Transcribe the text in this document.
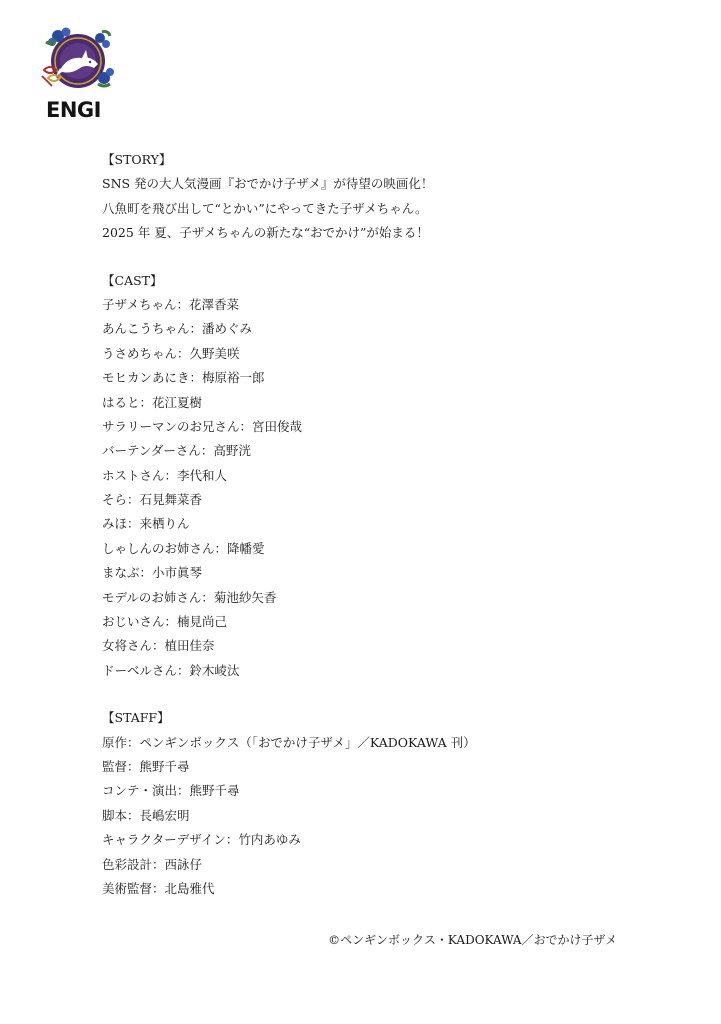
ENGI
【STORY】
SNS 発の大人気漫画『おでかけ子ザメ』が待望の映画化！
八魚町を飛び出して“とかい”にやってきた子ザメちゃん。
2025 年 夏、子ザメちゃんの新たな“おでかけ”が始まる！
【CAST】
子ザメちゃん：花澤香菜
あんこうちゃん：潘めぐみ
うさめちゃん：久野美咲
モヒカンあにき：梅原裕一郎
はると：花江夏樹
サラリーマンのお兄さん：宮田俊哉
バーテンダーさん：高野洸
ホストさん：李代和人
そら：石見舞菜香
みほ：来栖りん
しゃしんのお姉さん：降幡愛
まなぶ：小市眞琴
モデルのお姉さん：菊池紗矢香
おじいさん：楠見尚己
女将さん：植田佳奈
ドーベルさん：鈴木崚汰
【STAFF】
原作：ペンギンボックス（「おでかけ子ザメ」／KADOKAWA 刊）
監督：熊野千尋
コンテ・演出：熊野千尋
脚本：長嶋宏明
キャラクターデザイン：竹内あゆみ
色彩設計：西詠仔
美術監督：北島雅代
©ペンギンボックス・KADOKAWA／おでかけ子ザメ
